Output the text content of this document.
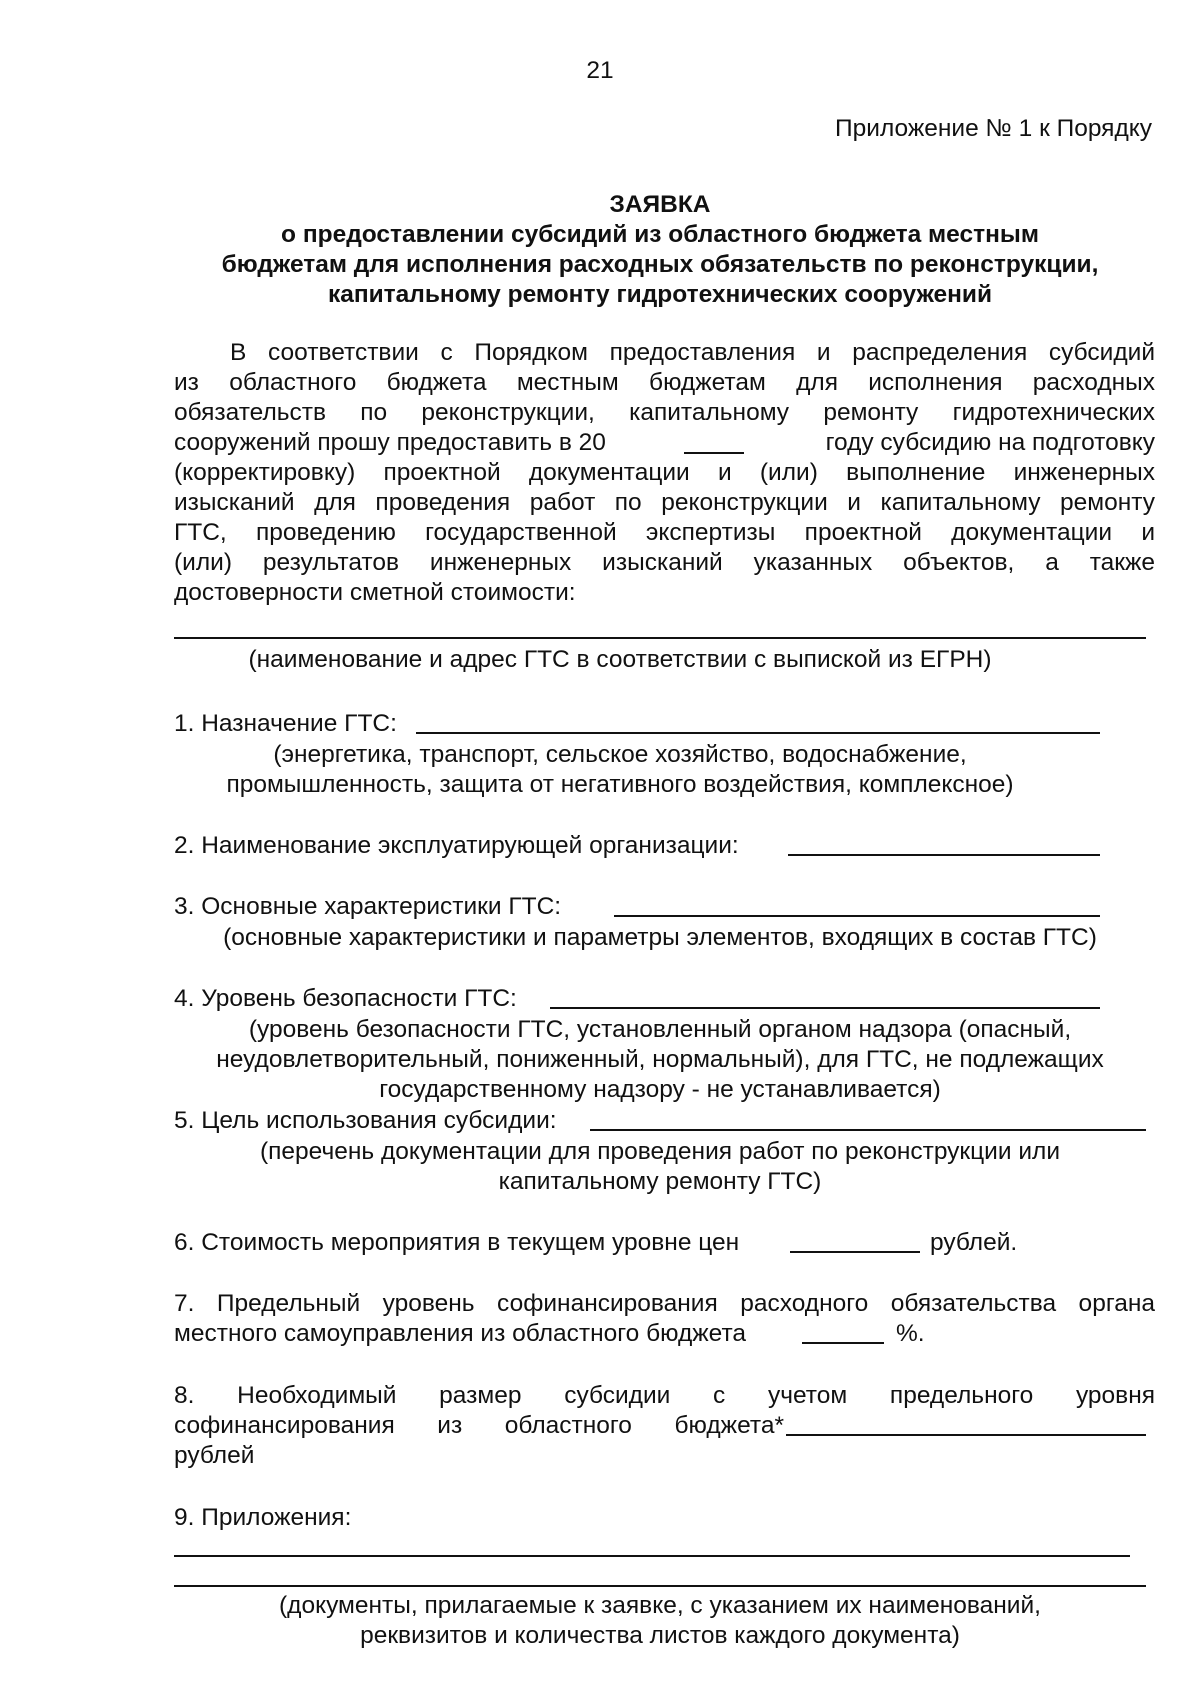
21
Приложение № 1 к Порядку
ЗАЯВКА
о предоставлении субсидий из областного бюджета местным
бюджетам для исполнения расходных обязательств по реконструкции,
капитальному ремонту гидротехнических сооружений
В соответствии с Порядком предоставления и распределения субсидий
из областного бюджета местным бюджетам для исполнения расходных
обязательств по реконструкции, капитальному ремонту гидротехнических
сооружений прошу предоставить в 20	году субсидию на подготовку
(корректировку) проектной документации и (или) выполнение инженерных
изысканий для проведения работ по реконструкции и капитальному ремонту
ГТС, проведению государственной экспертизы проектной документации и
(или) результатов инженерных изысканий указанных объектов, а также
достоверности сметной стоимости:
(наименование и адрес ГТС в соответствии с выпиской из ЕГРН)
1. Назначение ГТС:
(энергетика, транспорт, сельское хозяйство, водоснабжение,
промышленность, защита от негативного воздействия, комплексное)
2. Наименование эксплуатирующей организации:
3. Основные характеристики ГТС:
(основные характеристики и параметры элементов, входящих в состав ГТС)
4. Уровень безопасности ГТС:
(уровень безопасности ГТС, установленный органом надзора (опасный,
неудовлетворительный, пониженный, нормальный), для ГТС, не подлежащих
государственному надзору - не устанавливается)
5. Цель использования субсидии:
(перечень документации для проведения работ по реконструкции или
капитальному ремонту ГТС)
6. Стоимость мероприятия в текущем уровне цен	рублей.
7. Предельный уровень софинансирования расходного обязательства органа
местного самоуправления из областного бюджета	%.
8. Необходимый размер субсидии с учетом предельного уровня
софинансирования из областного бюджета*
рублей
9. Приложения:
(документы, прилагаемые к заявке, с указанием их наименований,
реквизитов и количества листов каждого документа)
